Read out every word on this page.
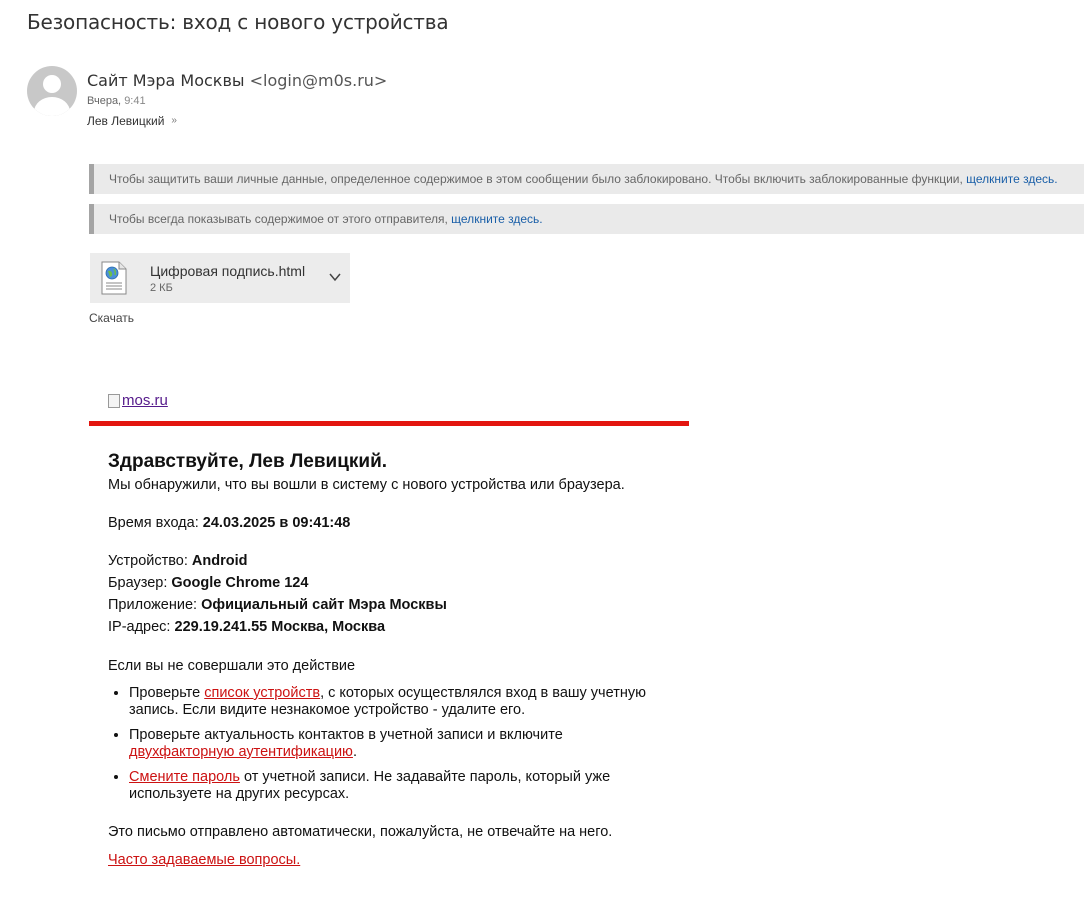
Безопасность: вход с нового устройства
Сайт Мэра Москвы <login@m0s.ru>
Вчера, 9:41
Лев Левицкий »
Чтобы защитить ваши личные данные, определенное содержимое в этом сообщении было заблокировано. Чтобы включить заблокированные функции, щелкните здесь.
Чтобы всегда показывать содержимое от этого отправителя, щелкните здесь.
Цифровая подпись.html
2 КБ
Скачать
mos.ru

Здравствуйте, Лев Левицкий.

Мы обнаружили, что вы вошли в систему с нового устройства или браузера.

Время входа: 24.03.2025 в 09:41:48

Устройство: Android

Браузер: Google Chrome 124

Приложение: Официальный сайт Мэра Москвы

IP-адрес: 229.19.241.55 Москва, Москва

Если вы не совершали это действие

• Проверьте список устройств, с которых осуществлялся вход в вашу учетную запись. Если видите незнакомое устройство - удалите его.
• Проверьте актуальность контактов в учетной записи и включите двухфакторную аутентификацию.
• Смените пароль от учетной записи. Не задавайте пароль, который уже используете на других ресурсах.

Это письмо отправлено автоматически, пожалуйста, не отвечайте на него.

Часто задаваемые вопросы.
